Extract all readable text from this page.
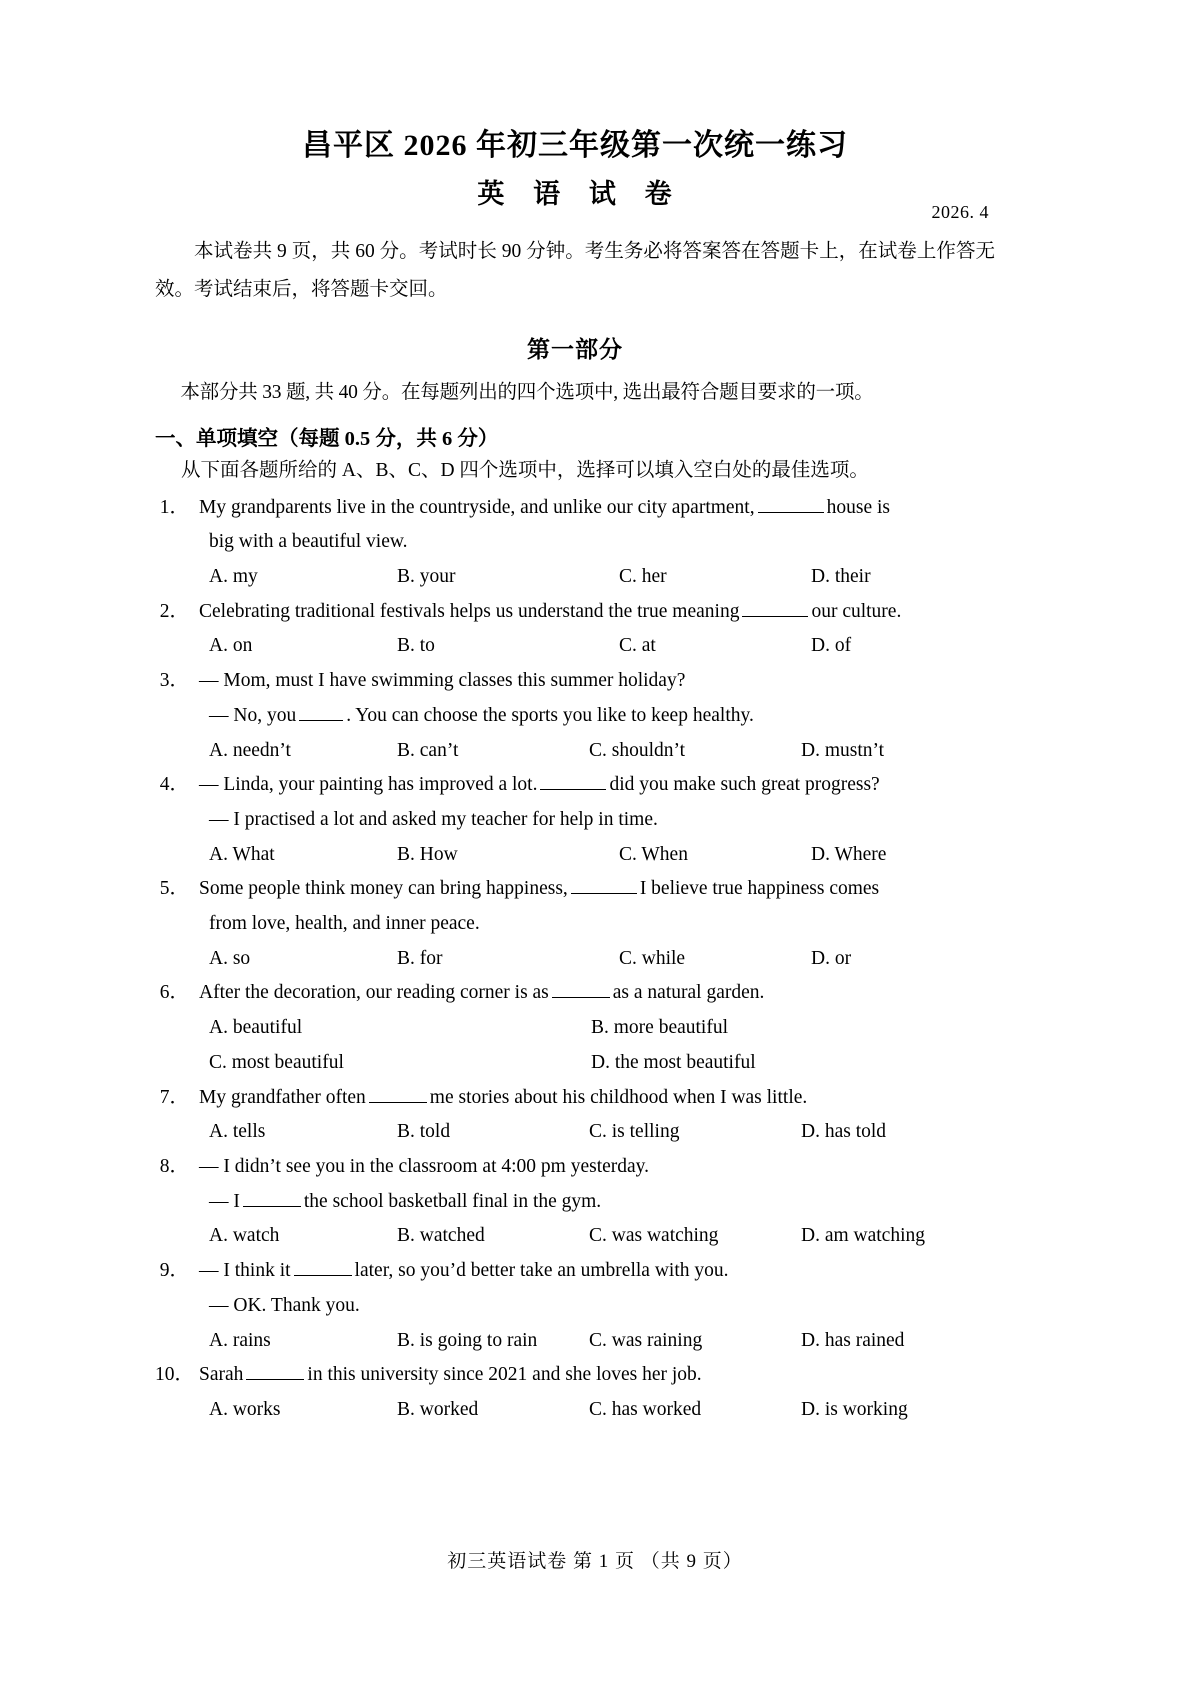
昌平区 2026 年初三年级第一次统一练习
英 语 试 卷
2026. 4

本试卷共 9 页，共 60 分。考试时长 90 分钟。考生务必将答案答在答题卡上，在试卷上作答无效。考试结束后，将答题卡交回。

第一部分

本部分共 33 题, 共 40 分。在每题列出的四个选项中, 选出最符合题目要求的一项。

一、单项填空（每题 0.5 分，共 6 分）

从下面各题所给的 A、B、C、D 四个选项中，选择可以填入空白处的最佳选项。

1． My grandparents live in the countryside, and unlike our city apartment,	house is
big with a beautiful view.
A. my	B. your	C. her	D. their
2． Celebrating traditional festivals helps us understand the true meaning	our culture.
A. on	B. to	C. at	D. of
3． — Mom, must I have swimming classes this summer holiday?
— No, you	. You can choose the sports you like to keep healthy.
A. needn’t	B. can’t	C. shouldn’t	D. mustn’t
4． — Linda, your painting has improved a lot.	did you make such great progress?
— I practised a lot and asked my teacher for help in time.
A. What	B. How	C. When	D. Where
5． Some people think money can bring happiness,	I believe true happiness comes
from love, health, and inner peace.
A. so	B. for	C. while	D. or
6． After the decoration, our reading corner is as	as a natural garden.
A. beautiful	B. more beautiful
C. most beautiful	D. the most beautiful
7． My grandfather often	me stories about his childhood when I was little.
A. tells	B. told	C. is telling	D. has told
8． — I didn’t see you in the classroom at 4:00 pm yesterday.
— I	the school basketball final in the gym.
A. watch	B. watched	C. was watching	D. am watching
9． — I think it	later, so you’d better take an umbrella with you.
— OK. Thank you.
A. rains	B. is going to rain	C. was raining	D. has rained
10． Sarah	in this university since 2021 and she loves her job.
A. works	B. worked	C. has worked	D. is working
初三英语试卷 第 1 页 （共 9 页）
